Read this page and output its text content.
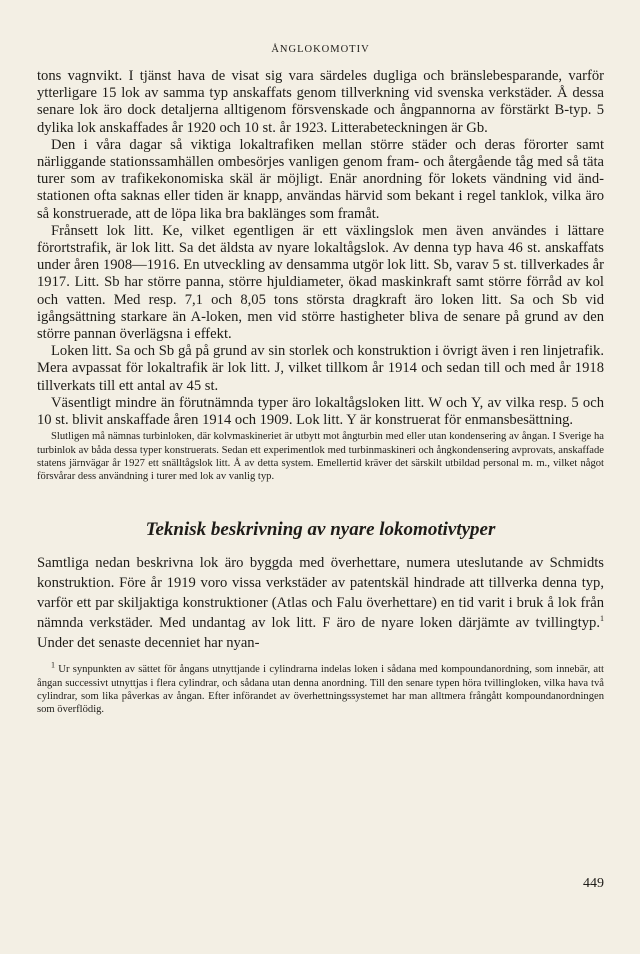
ÅNGLOKOMOTIV

tons vagnvikt. I tjänst hava de visat sig vara särdeles dugliga och bränslebesparande, varför ytterligare 15 lok av samma typ anskaffats genom tillverkning vid svenska verkstäder. Å dessa senare lok äro dock detaljerna alltigenom försvenskade och ångpannorna av förstärkt B-typ. 5 dylika lok anskaffades år 1920 och 10 st. år 1923. Litterabeteckningen är Gb.

Den i våra dagar så viktiga lokaltrafiken mellan större städer och deras förorter samt närliggande stationssamhällen ombesörjes vanligen genom fram- och återgående tåg med så täta turer som av trafikekonomiska skäl är möjligt. Enär anordning för lokets vändning vid ändstationen ofta saknas eller tiden är knapp, användas härvid som bekant i regel tanklok, vilka äro så konstruerade, att de löpa lika bra baklänges som framåt.

Frånsett lok litt. Ke, vilket egentligen är ett växlingslok men även användes i lättare förortstrafik, är lok litt. Sa det äldsta av nyare lokaltågslok. Av denna typ hava 46 st. anskaffats under åren 1908—1916. En utveckling av densamma utgör lok litt. Sb, varav 5 st. tillverkades år 1917. Litt. Sb har större panna, större hjuldiameter, ökad maskinkraft samt större förråd av kol och vatten. Med resp. 7,1 och 8,05 tons största dragkraft äro loken litt. Sa och Sb vid igångsättning starkare än A-loken, men vid större hastigheter bliva de senare på grund av den större pannan överlägsna i effekt.

Loken litt. Sa och Sb gå på grund av sin storlek och konstruktion i övrigt även i ren linjetrafik. Mera avpassat för lokaltrafik är lok litt. J, vilket tillkom år 1914 och sedan till och med år 1918 tillverkats till ett antal av 45 st.

Väsentligt mindre än förutnämnda typer äro lokaltågsloken litt. W och Y, av vilka resp. 5 och 10 st. blivit anskaffade åren 1914 och 1909. Lok litt. Y är konstruerat för enmansbesättning.

Slutligen må nämnas turbinloken, där kolvmaskineriet är utbytt mot ångturbin med eller utan kondensering av ångan. I Sverige ha turbinlok av båda dessa typer konstruerats. Sedan ett experimentlok med turbinmaskineri och ångkondensering avprovats, anskaffade statens järnvägar år 1927 ett snälltågslok litt. Å av detta system. Emellertid kräver det särskilt utbildad personal m. m., vilket något försvårar dess användning i turer med lok av vanlig typ.

Teknisk beskrivning av nyare lokomotivtyper

Samtliga nedan beskrivna lok äro byggda med överhettare, numera uteslutande av Schmidts konstruktion. Före år 1919 voro vissa verkstäder av patentskäl hindrade att tillverka denna typ, varför ett par skiljaktiga konstruktioner (Atlas och Falu överhettare) en tid varit i bruk å lok från nämnda verkstäder. Med undantag av lok litt. F äro de nyare loken därjämte av tvillingtyp.$^1$ Under det senaste decenniet har nyan-

$^1$ Ur synpunkten av sättet för ångans utnyttjande i cylindrarna indelas loken i sådana med kompoundanordning, som innebär, att ångan successivt utnyttjas i flera cylindrar, och sådana utan denna anordning. Till den senare typen höra tvillingloken, vilka hava två cylindrar, som lika påverkas av ångan. Efter införandet av överhettningssystemet har man alltmera frångått kompoundanordningen som överflödig.

449
